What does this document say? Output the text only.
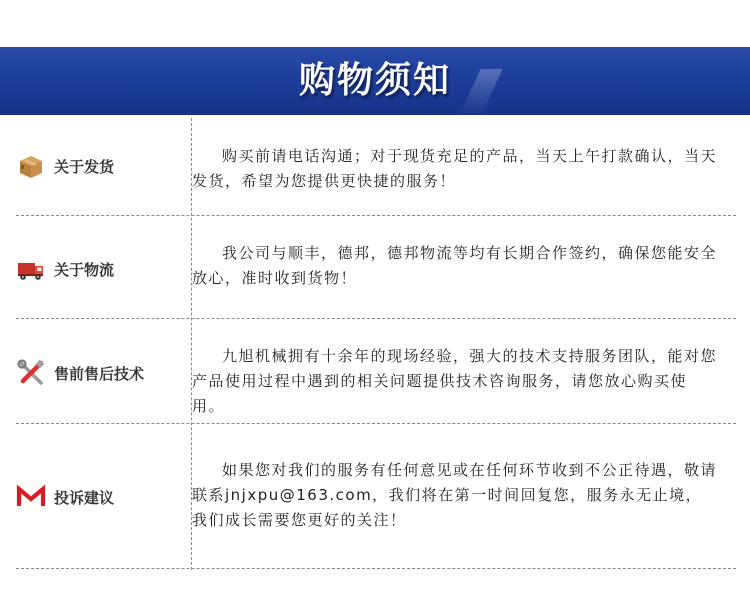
购物须知
关于发货
购买前请电话沟通；对于现货充足的产品，当天上午打款确认，当天发货，希望为您提供更快捷的服务！
关于物流
我公司与顺丰，德邦，德邦物流等均有长期合作签约，确保您能安全放心，准时收到货物！
售前售后技术
九旭机械拥有十余年的现场经验，强大的技术支持服务团队，能对您产品使用过程中遇到的相关问题提供技术咨询服务，请您放心购买使用。
投诉建议
如果您对我们的服务有任何意见或在任何环节收到不公正待遇，敬请联系jnjxpu@163.com，我们将在第一时间回复您，服务永无止境，我们成长需要您更好的关注！
